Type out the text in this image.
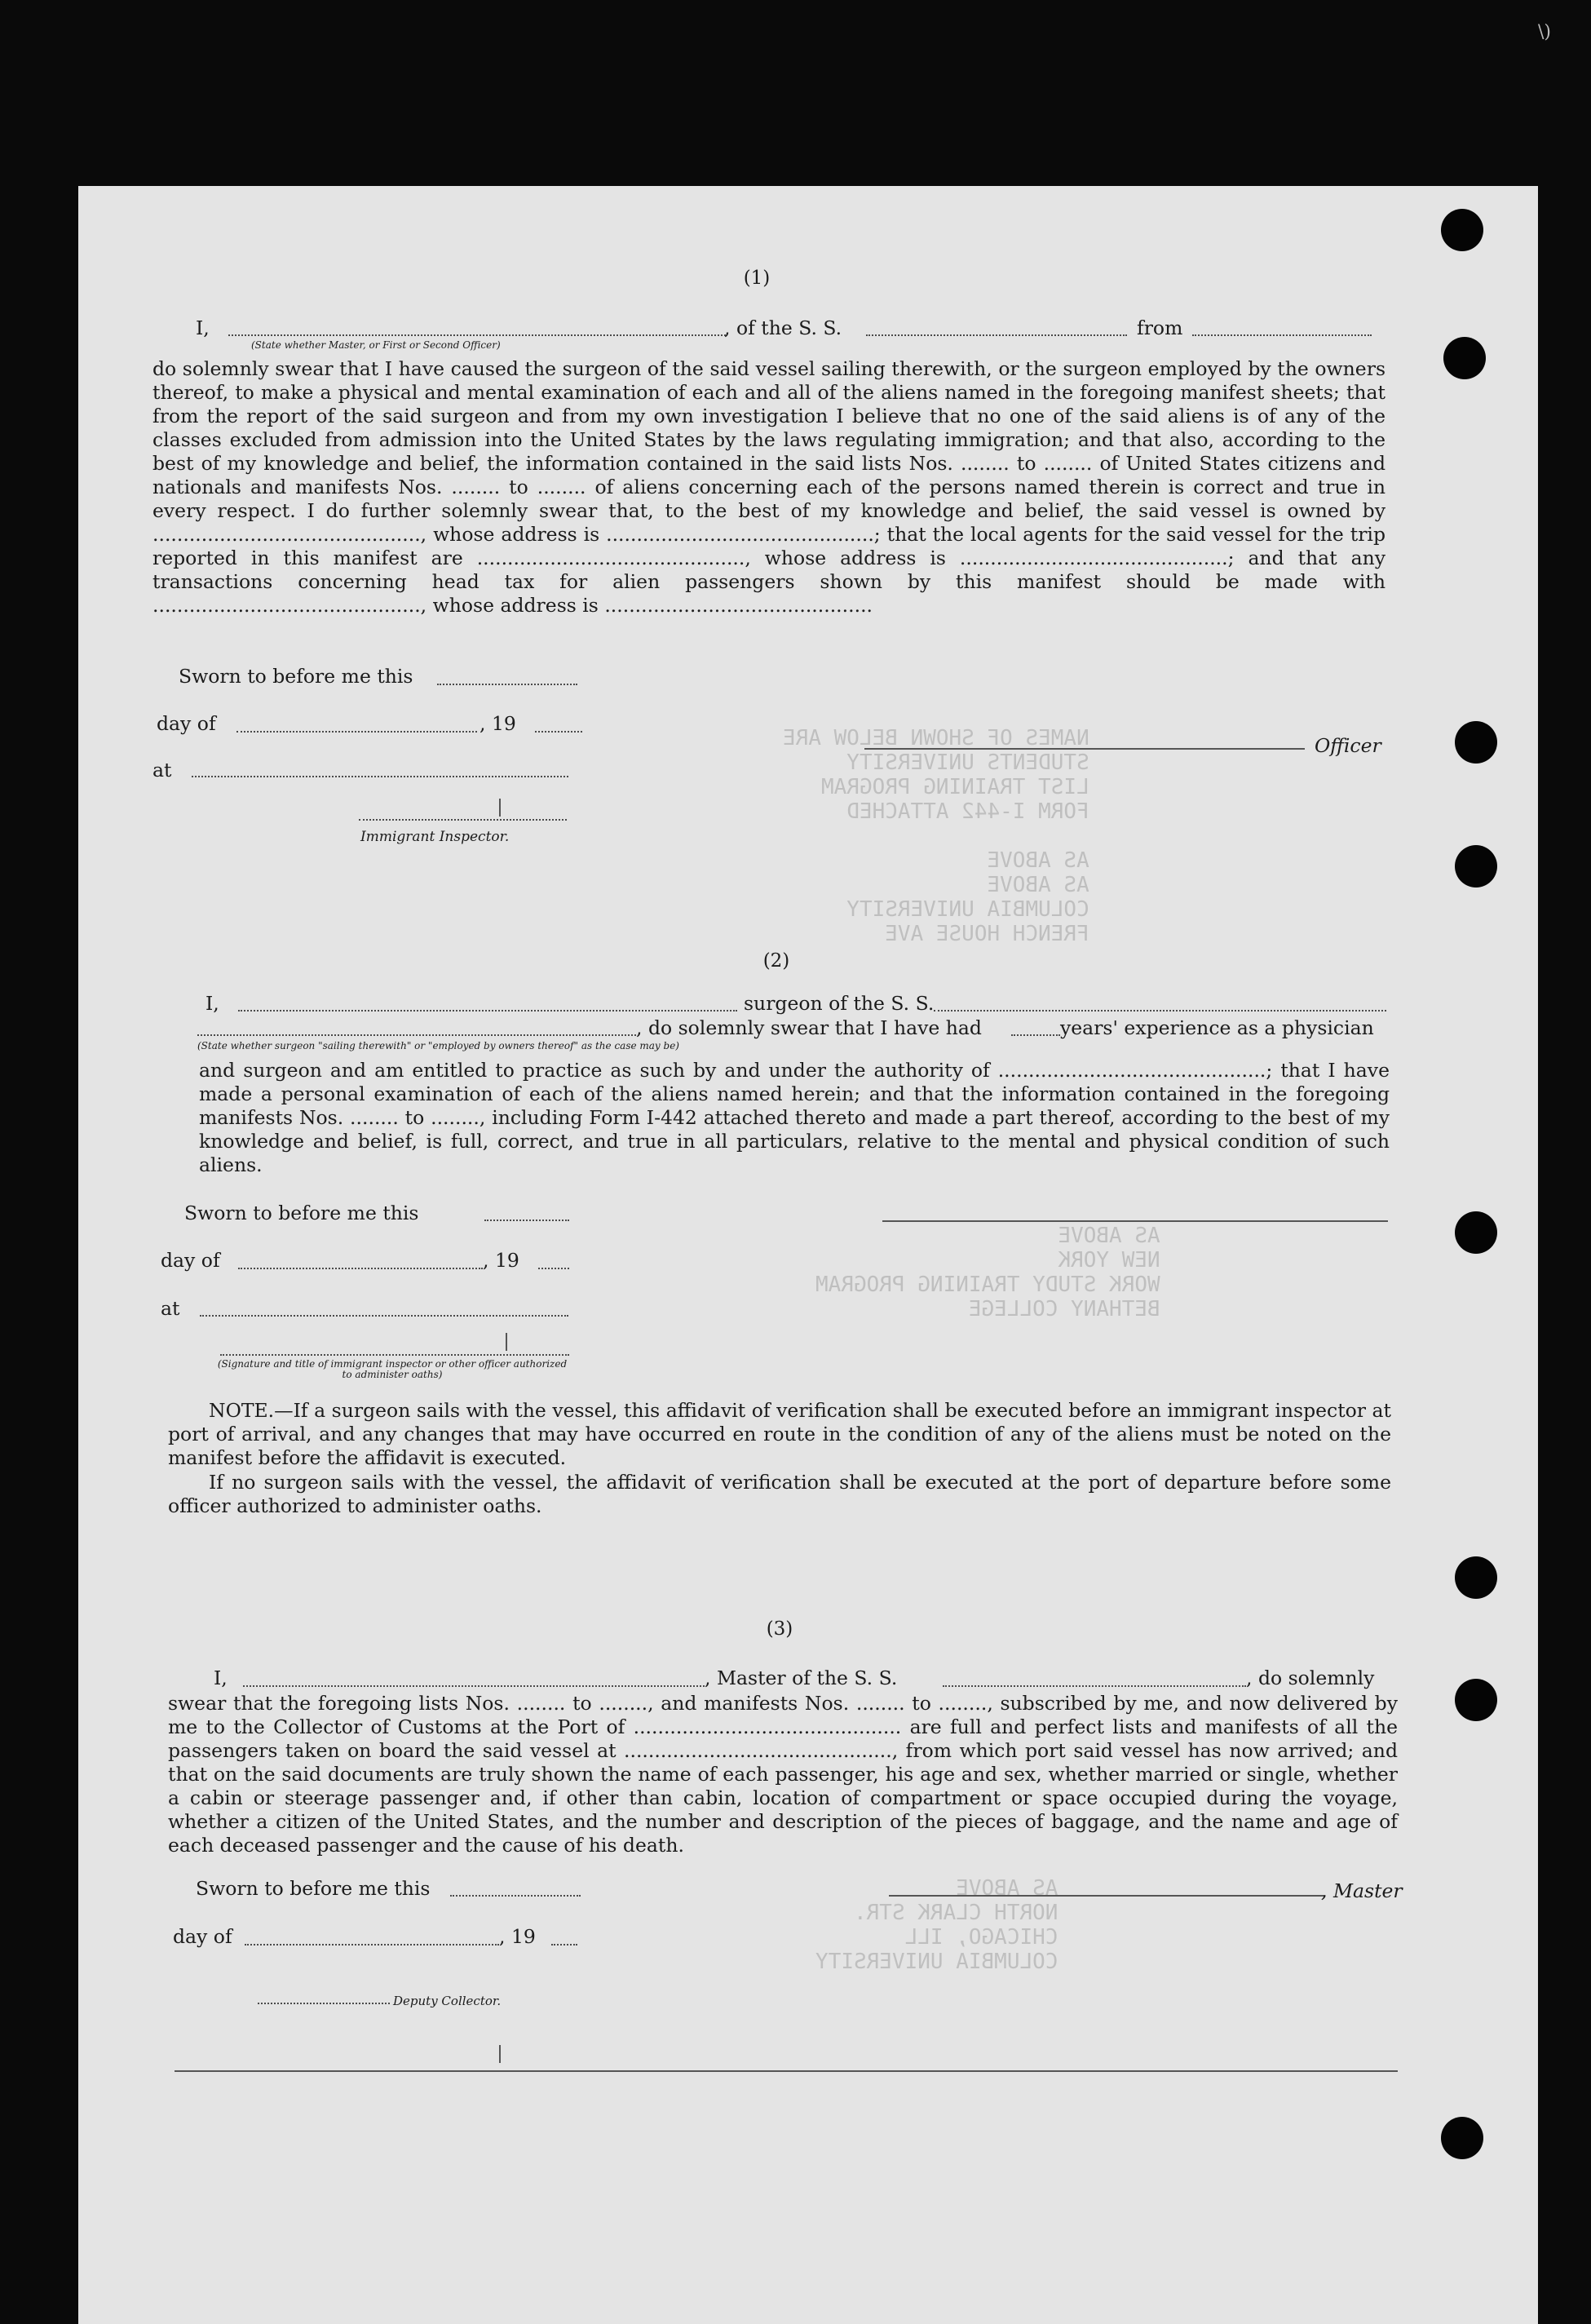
NAMES OF SHOWN BELOW ARE
STUDENTS UNIVERSITY
LIST TRAINING PROGRAM
FORM I-442 ATTACHED

AS ABOVE
AS ABOVE
COLUMBIA UNIVERSITY
FRENCH HOUSE AVE
AS ABOVE
NEW YORK
WORK STUDY TRAINING PROGRAM
BETHANY COLLEGE
AS ABOVE
NORTH CLARK STR.
CHICAGO, ILL
COLUMBIA UNIVERSITY
\)
(1)
I,	, of the S. S.	from
(State whether Master, or First or Second Officer)
do solemnly swear that I have caused the surgeon of the said vessel sailing therewith, or the surgeon employed by the owners thereof, to make a physical and mental examination of each and all of the aliens named in the foregoing manifest sheets; that from the report of the said surgeon and from my own investigation I believe that no one of the said aliens is of any of the classes excluded from admission into the United States by the laws regulating immigration; and that also, according to the best of my knowledge and belief, the information contained in the said lists Nos. ........ to ........ of United States citizens and nationals and manifests Nos. ........ to ........ of aliens concerning each of the persons named therein is correct and true in every respect. I do further solemnly swear that, to the best of my knowledge and belief, the said vessel is owned by ............................................, whose address is ............................................; that the local agents for the said vessel for the trip reported in this manifest are ............................................, whose address is ............................................; and that any transactions concerning head tax for alien passengers shown by this manifest should be made with ............................................, whose address is ............................................
Sworn to before me this
day of	, 19
at
Officer
Immigrant Inspector.
(2)
I,	surgeon of the S. S.
, do solemnly swear that I have had	years' experience as a physician
(State whether surgeon "sailing therewith" or "employed by owners thereof" as the case may be)
and surgeon and am entitled to practice as such by and under the authority of ............................................; that I have made a personal examination of each of the aliens named herein; and that the information contained in the foregoing manifests Nos. ........ to ........, including Form I-442 attached thereto and made a part thereof, according to the best of my knowledge and belief, is full, correct, and true in all particulars, relative to the mental and physical condition of such aliens.
Sworn to before me this
day of	, 19
at
(Signature and title of immigrant inspector or other officer authorized to administer oaths)
NOTE.—If a surgeon sails with the vessel, this affidavit of verification shall be executed before an immigrant inspector at port of arrival, and any changes that may have occurred en route in the condition of any of the aliens must be noted on the manifest before the affidavit is executed.
If no surgeon sails with the vessel, the affidavit of verification shall be executed at the port of departure before some officer authorized to administer oaths.
(3)
I,	, Master of the S. S.	, do solemnly
swear that the foregoing lists Nos. ........ to ........, and manifests Nos. ........ to ........, subscribed by me, and now delivered by me to the Collector of Customs at the Port of ............................................ are full and perfect lists and manifests of all the passengers taken on board the said vessel at ............................................, from which port said vessel has now arrived; and that on the said documents are truly shown the name of each passenger, his age and sex, whether married or single, whether a cabin or steerage passenger and, if other than cabin, location of compartment or space occupied during the voyage, whether a citizen of the United States, and the number and description of the pieces of baggage, and the name and age of each deceased passenger and the cause of his death.
Sworn to before me this	, Master
day of	, 19
Deputy Collector.
